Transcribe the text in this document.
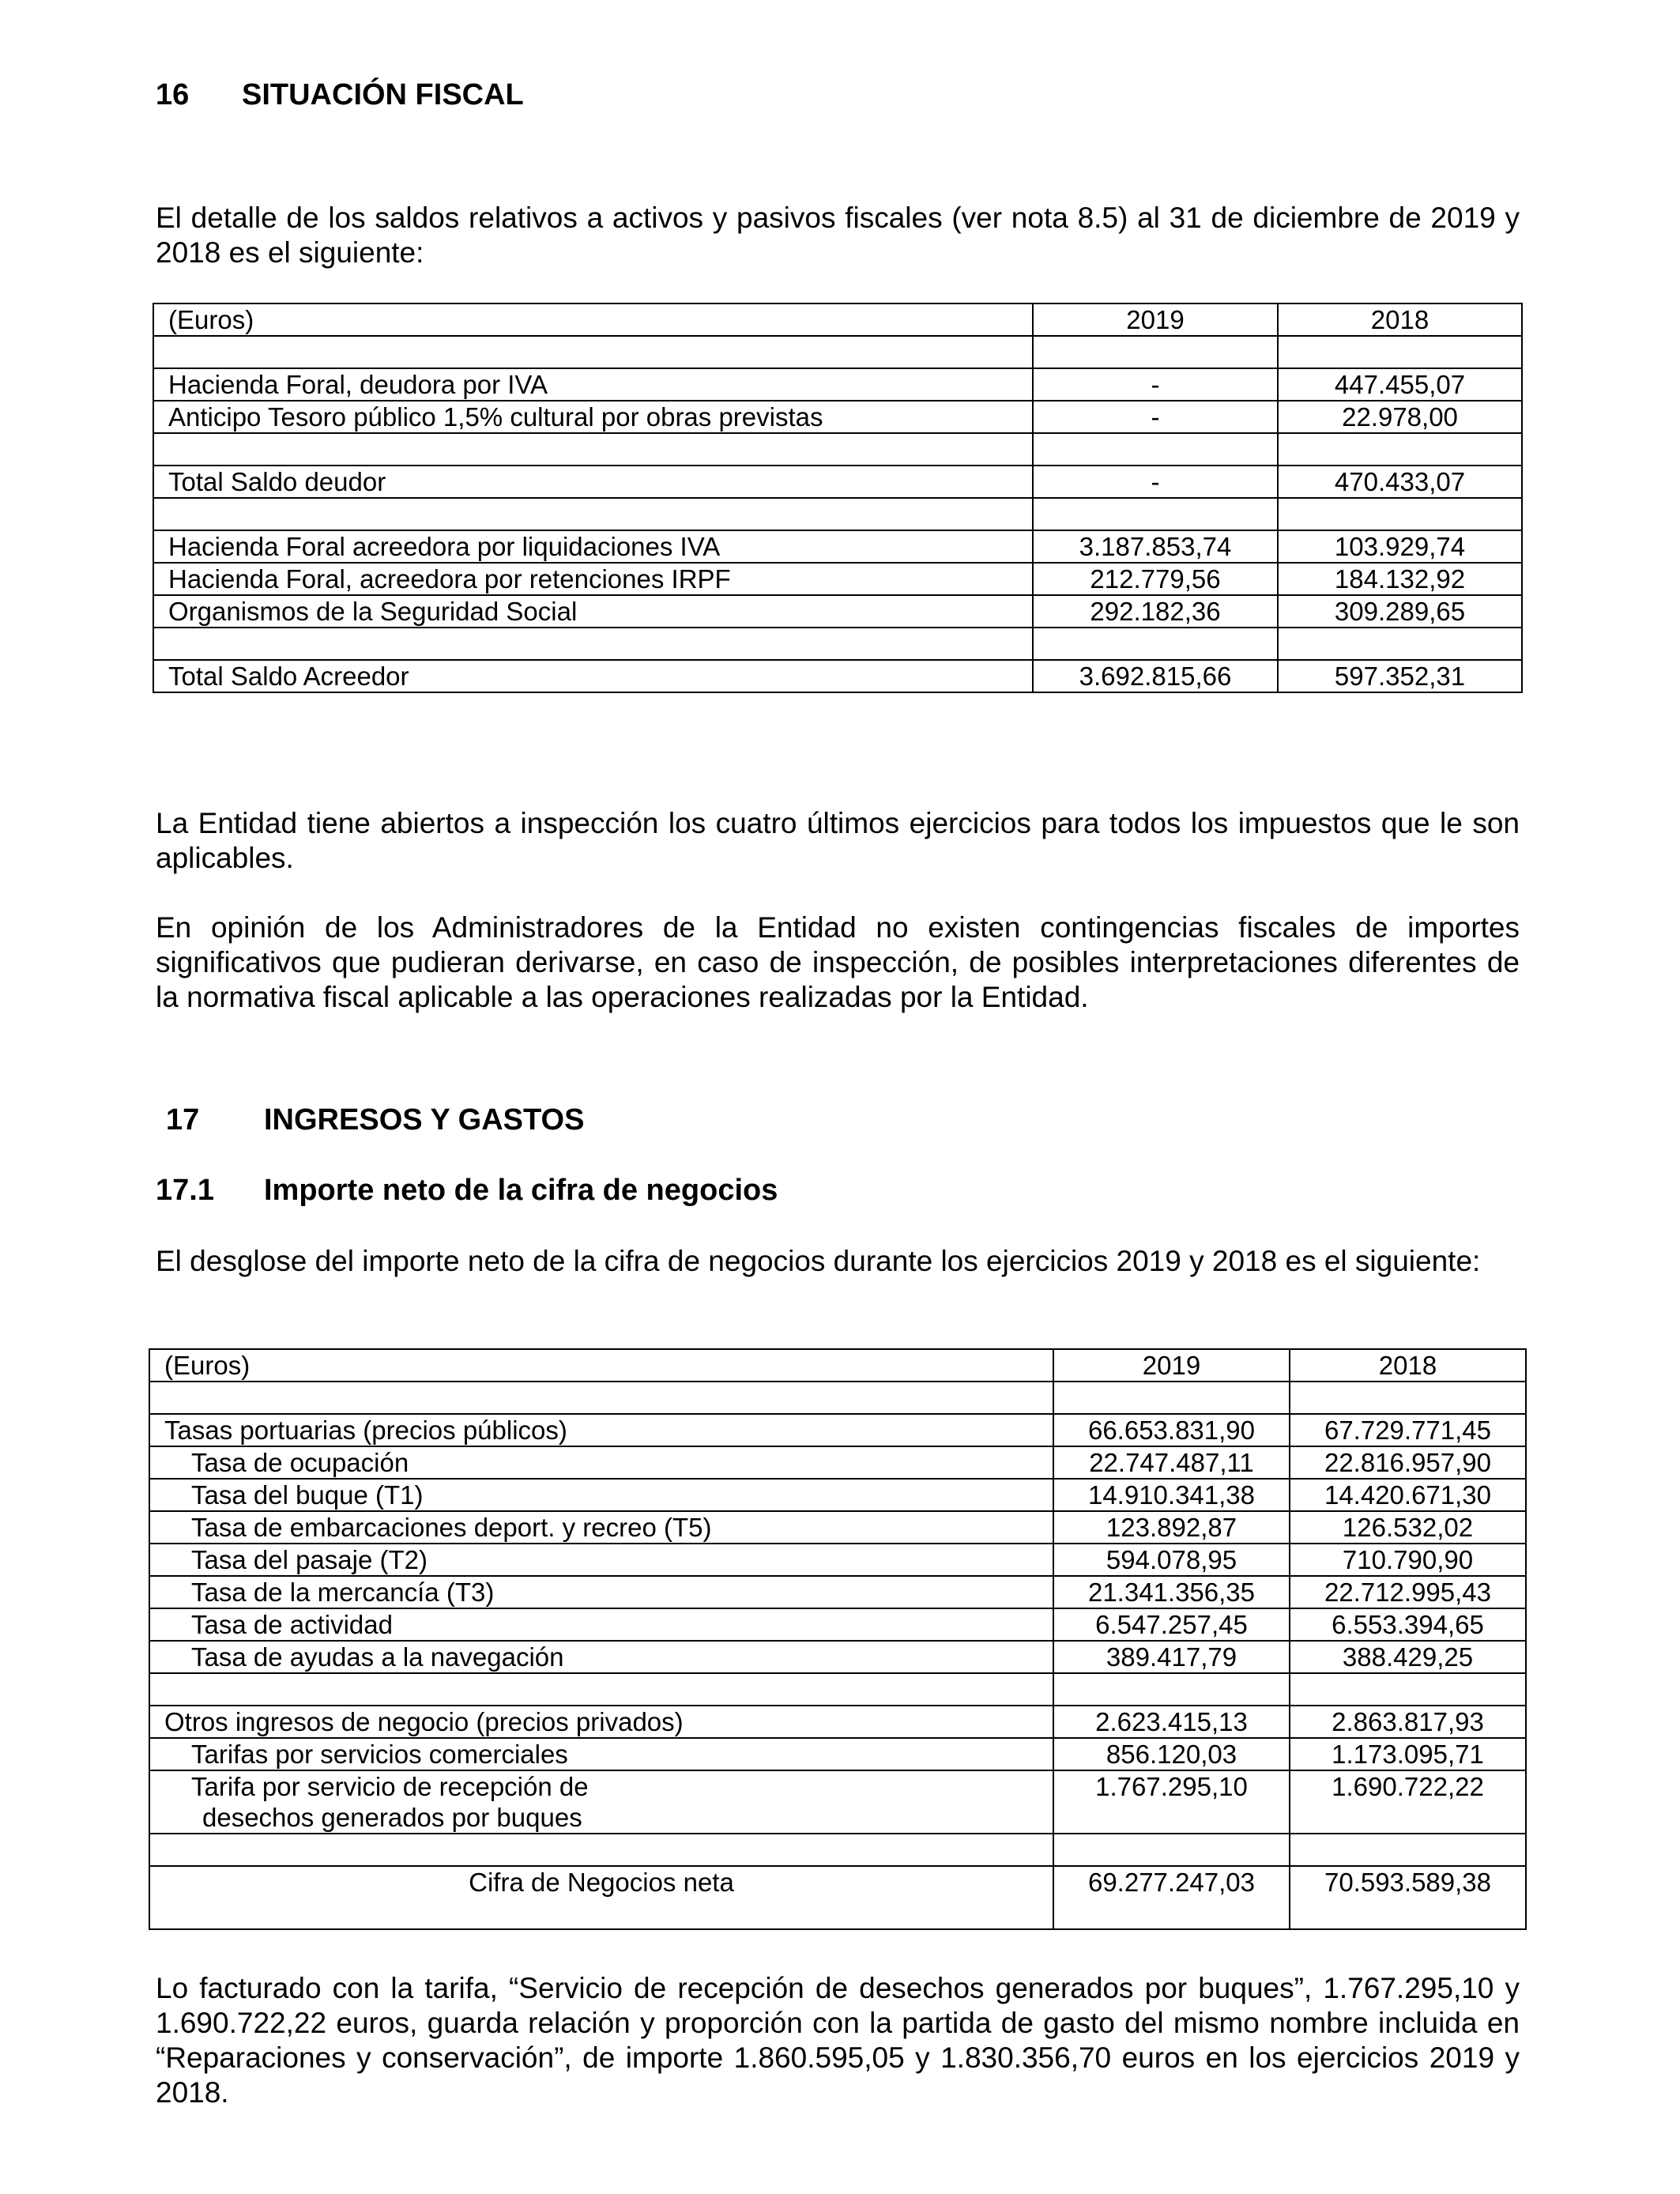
16 SITUACIÓN FISCAL
El detalle de los saldos relativos a activos y pasivos fiscales (ver nota 8.5) al 31 de diciembre de 2019 y 2018 es el siguiente:
(Euros)	2019	2018

Hacienda Foral, deudora por IVA	-	447.455,07
Anticipo Tesoro público 1,5% cultural por obras previstas	-	22.978,00

Total Saldo deudor	-	470.433,07

Hacienda Foral acreedora por liquidaciones IVA	3.187.853,74	103.929,74
Hacienda Foral, acreedora por retenciones IRPF	212.779,56	184.132,92
Organismos de la Seguridad Social	292.182,36	309.289,65

Total Saldo Acreedor	3.692.815,66	597.352,31
La Entidad tiene abiertos a inspección los cuatro últimos ejercicios para todos los impuestos que le son aplicables.
En opinión de los Administradores de la Entidad no existen contingencias fiscales de importes significativos que pudieran derivarse, en caso de inspección, de posibles interpretaciones diferentes de la normativa fiscal aplicable a las operaciones realizadas por la Entidad.
17 INGRESOS Y GASTOS
17.1 Importe neto de la cifra de negocios
El desglose del importe neto de la cifra de negocios durante los ejercicios 2019 y 2018 es el siguiente:
(Euros)	2019	2018

Tasas portuarias (precios públicos)	66.653.831,90	67.729.771,45
Tasa de ocupación	22.747.487,11	22.816.957,90
Tasa del buque (T1)	14.910.341,38	14.420.671,30
Tasa de embarcaciones deport. y recreo (T5)	123.892,87	126.532,02
Tasa del pasaje (T2)	594.078,95	710.790,90
Tasa de la mercancía (T3)	21.341.356,35	22.712.995,43
Tasa de actividad	6.547.257,45	6.553.394,65
Tasa de ayudas a la navegación	389.417,79	388.429,25

Otros ingresos de negocio (precios privados)	2.623.415,13	2.863.817,93
Tarifas por servicios comerciales	856.120,03	1.173.095,71
Tarifa por servicio de recepción de
desechos generados por buques	1.767.295,10	1.690.722,22

Cifra de Negocios neta	69.277.247,03	70.593.589,38
Lo facturado con la tarifa, “Servicio de recepción de desechos generados por buques”, 1.767.295,10 y 1.690.722,22 euros, guarda relación y proporción con la partida de gasto del mismo nombre incluida en “Reparaciones y conservación”, de importe 1.860.595,05 y 1.830.356,70 euros en los ejercicios 2019 y 2018.
